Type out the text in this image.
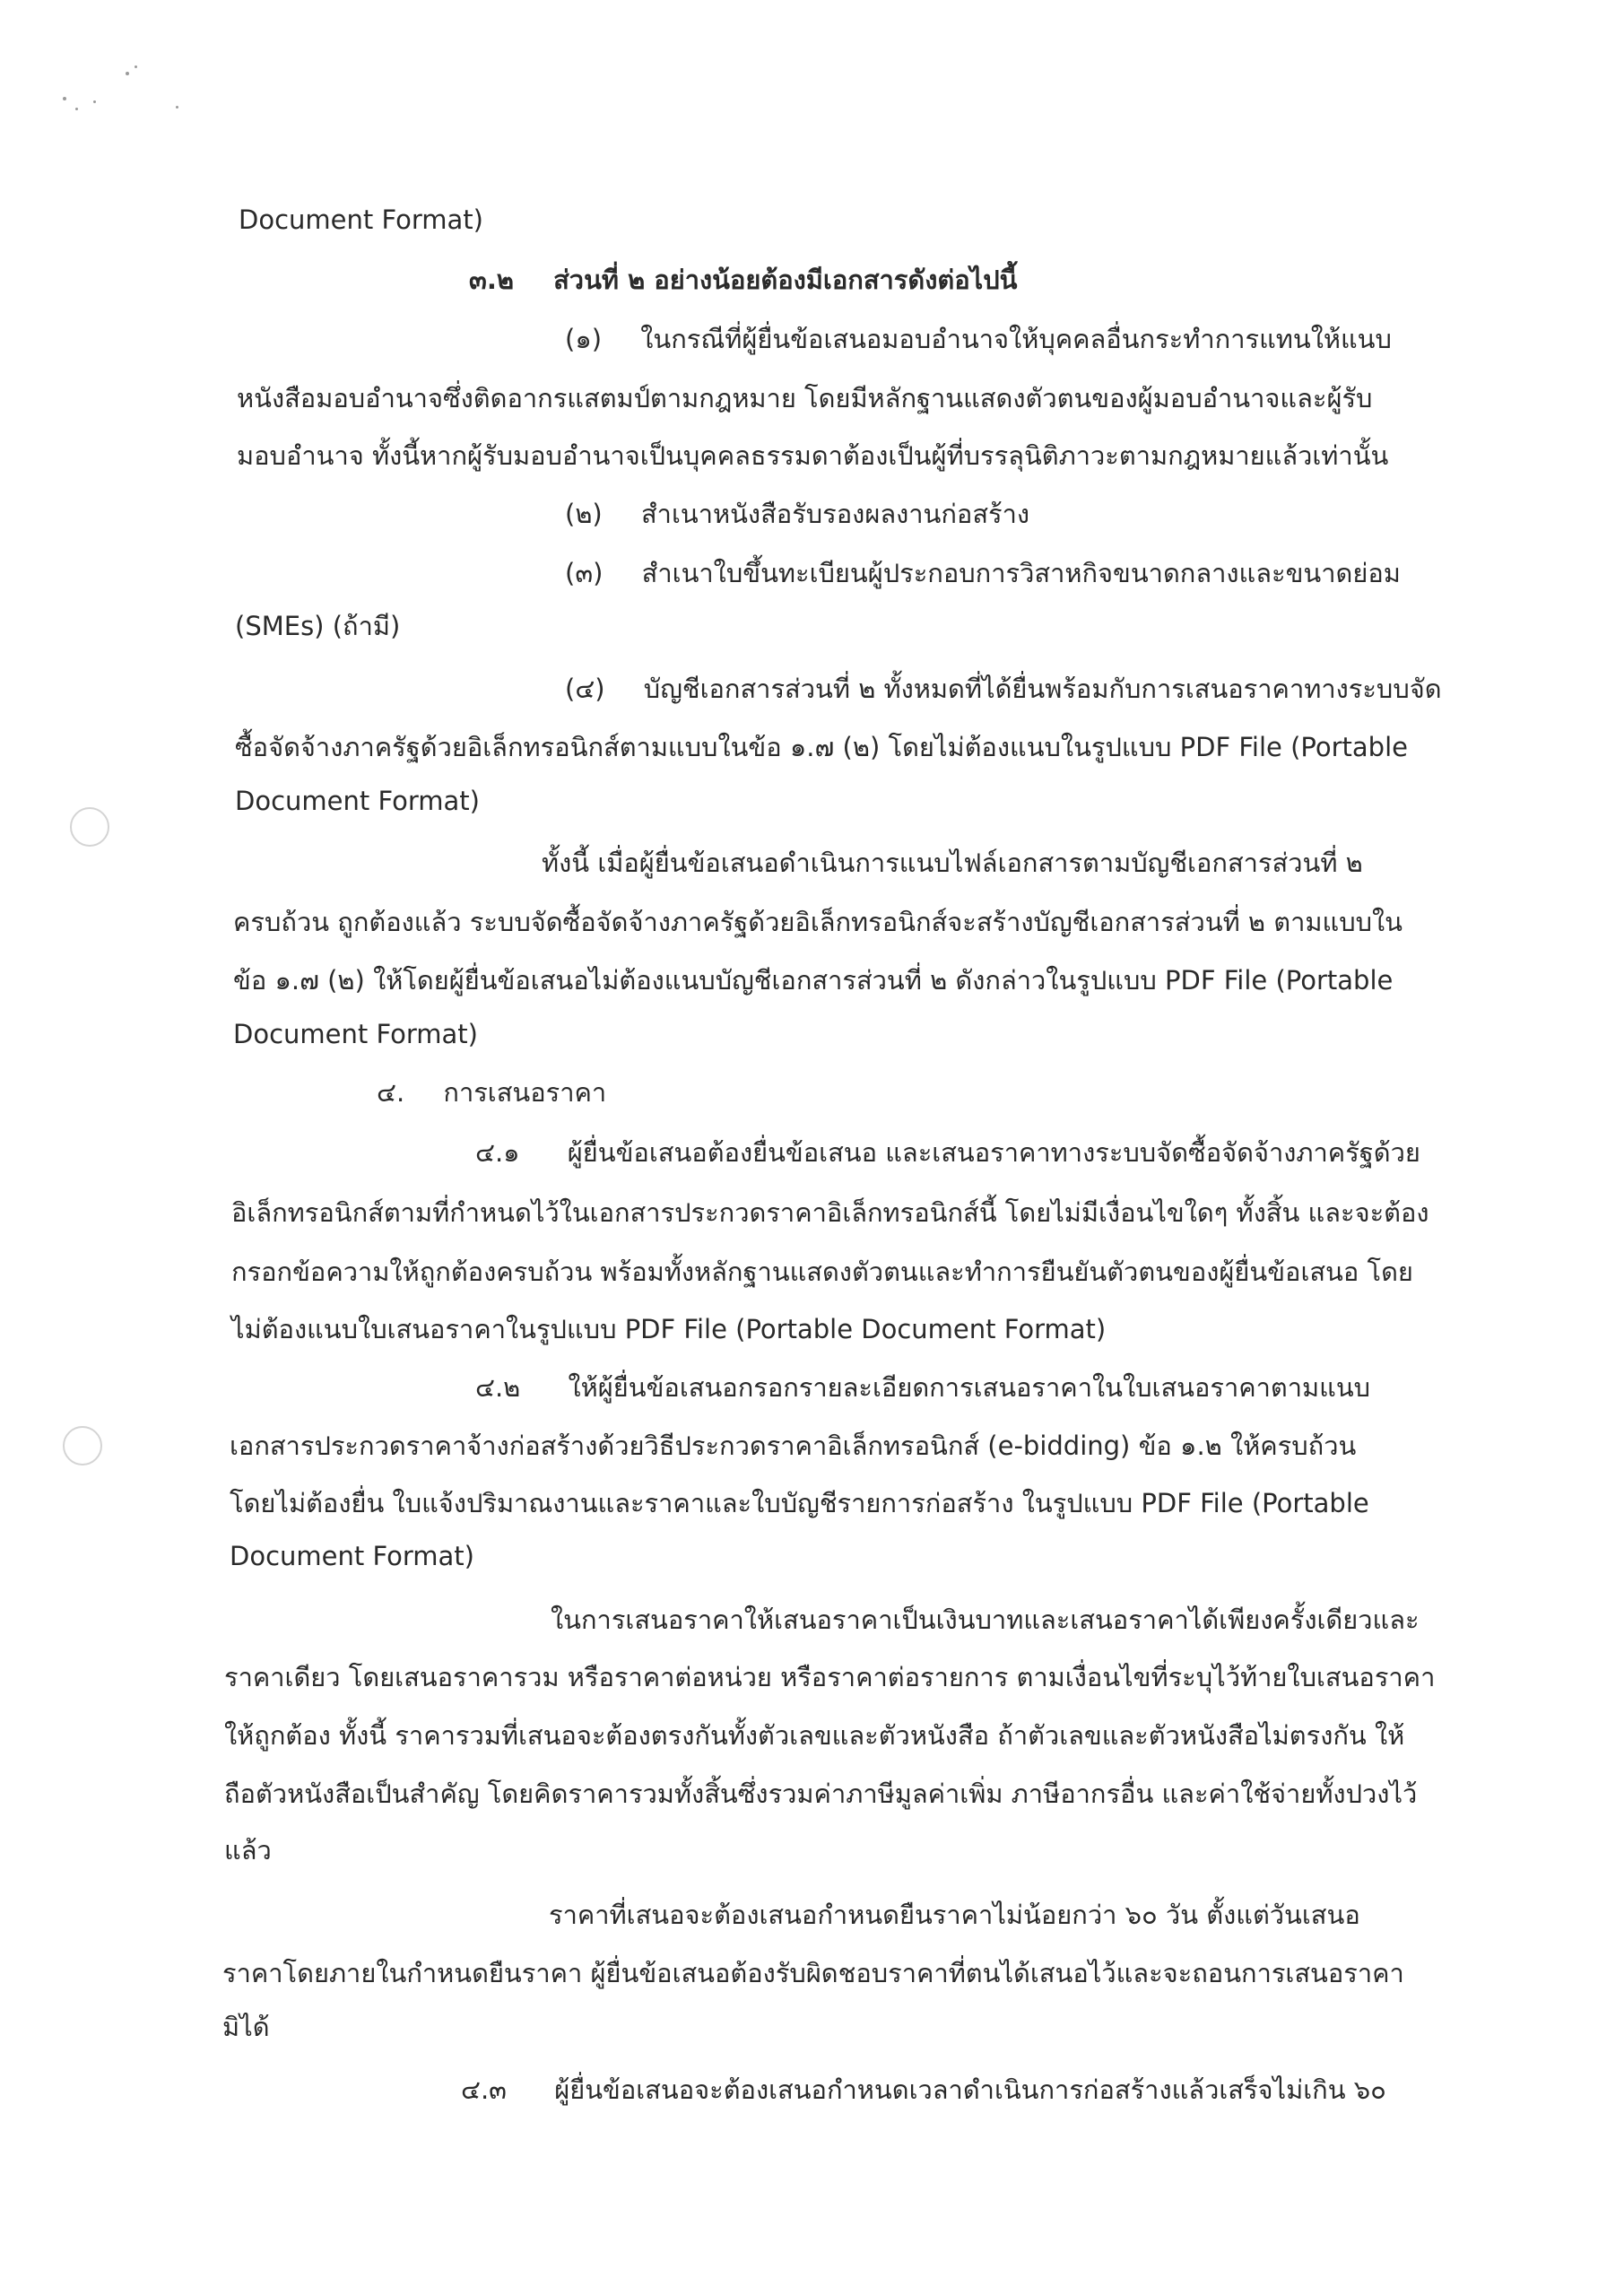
Document Format)

๓.๒ ส่วนที่ ๒ อย่างน้อยต้องมีเอกสารดังต่อไปนี้

(๑) ในกรณีที่ผู้ยื่นข้อเสนอมอบอำนาจให้บุคคลอื่นกระทำการแทนให้แนบ

หนังสือมอบอำนาจซึ่งติดอากรแสตมป์ตามกฎหมาย โดยมีหลักฐานแสดงตัวตนของผู้มอบอำนาจและผู้รับ

มอบอำนาจ ทั้งนี้หากผู้รับมอบอำนาจเป็นบุคคลธรรมดาต้องเป็นผู้ที่บรรลุนิติภาวะตามกฎหมายแล้วเท่านั้น

(๒) สำเนาหนังสือรับรองผลงานก่อสร้าง

(๓) สำเนาใบขึ้นทะเบียนผู้ประกอบการวิสาหกิจขนาดกลางและขนาดย่อม

(SMEs) (ถ้ามี)

(๔) บัญชีเอกสารส่วนที่ ๒ ทั้งหมดที่ได้ยื่นพร้อมกับการเสนอราคาทางระบบจัด

ซื้อจัดจ้างภาครัฐด้วยอิเล็กทรอนิกส์ตามแบบในข้อ ๑.๗ (๒) โดยไม่ต้องแนบในรูปแบบ PDF File (Portable

Document Format)

ทั้งนี้ เมื่อผู้ยื่นข้อเสนอดำเนินการแนบไฟล์เอกสารตามบัญชีเอกสารส่วนที่ ๒

ครบถ้วน ถูกต้องแล้ว ระบบจัดซื้อจัดจ้างภาครัฐด้วยอิเล็กทรอนิกส์จะสร้างบัญชีเอกสารส่วนที่ ๒ ตามแบบใน

ข้อ ๑.๗ (๒) ให้โดยผู้ยื่นข้อเสนอไม่ต้องแนบบัญชีเอกสารส่วนที่ ๒ ดังกล่าวในรูปแบบ PDF File (Portable

Document Format)

๔. การเสนอราคา

๔.๑ ผู้ยื่นข้อเสนอต้องยื่นข้อเสนอ และเสนอราคาทางระบบจัดซื้อจัดจ้างภาครัฐด้วย

อิเล็กทรอนิกส์ตามที่กำหนดไว้ในเอกสารประกวดราคาอิเล็กทรอนิกส์นี้ โดยไม่มีเงื่อนไขใดๆ ทั้งสิ้น และจะต้อง

กรอกข้อความให้ถูกต้องครบถ้วน พร้อมทั้งหลักฐานแสดงตัวตนและทำการยืนยันตัวตนของผู้ยื่นข้อเสนอ โดย

ไม่ต้องแนบใบเสนอราคาในรูปแบบ PDF File (Portable Document Format)

๔.๒ ให้ผู้ยื่นข้อเสนอกรอกรายละเอียดการเสนอราคาในใบเสนอราคาตามแนบ

เอกสารประกวดราคาจ้างก่อสร้างด้วยวิธีประกวดราคาอิเล็กทรอนิกส์ (e-bidding) ข้อ ๑.๒ ให้ครบถ้วน

โดยไม่ต้องยื่น ใบแจ้งปริมาณงานและราคาและใบบัญชีรายการก่อสร้าง ในรูปแบบ PDF File (Portable

Document Format)

ในการเสนอราคาให้เสนอราคาเป็นเงินบาทและเสนอราคาได้เพียงครั้งเดียวและ

ราคาเดียว โดยเสนอราคารวม หรือราคาต่อหน่วย หรือราคาต่อรายการ ตามเงื่อนไขที่ระบุไว้ท้ายใบเสนอราคา

ให้ถูกต้อง ทั้งนี้ ราคารวมที่เสนอจะต้องตรงกันทั้งตัวเลขและตัวหนังสือ ถ้าตัวเลขและตัวหนังสือไม่ตรงกัน ให้

ถือตัวหนังสือเป็นสำคัญ โดยคิดราคารวมทั้งสิ้นซึ่งรวมค่าภาษีมูลค่าเพิ่ม ภาษีอากรอื่น และค่าใช้จ่ายทั้งปวงไว้

แล้ว

ราคาที่เสนอจะต้องเสนอกำหนดยืนราคาไม่น้อยกว่า ๖๐ วัน ตั้งแต่วันเสนอ

ราคาโดยภายในกำหนดยืนราคา ผู้ยื่นข้อเสนอต้องรับผิดชอบราคาที่ตนได้เสนอไว้และจะถอนการเสนอราคา

มิได้

๔.๓ ผู้ยื่นข้อเสนอจะต้องเสนอกำหนดเวลาดำเนินการก่อสร้างแล้วเสร็จไม่เกิน ๖๐
